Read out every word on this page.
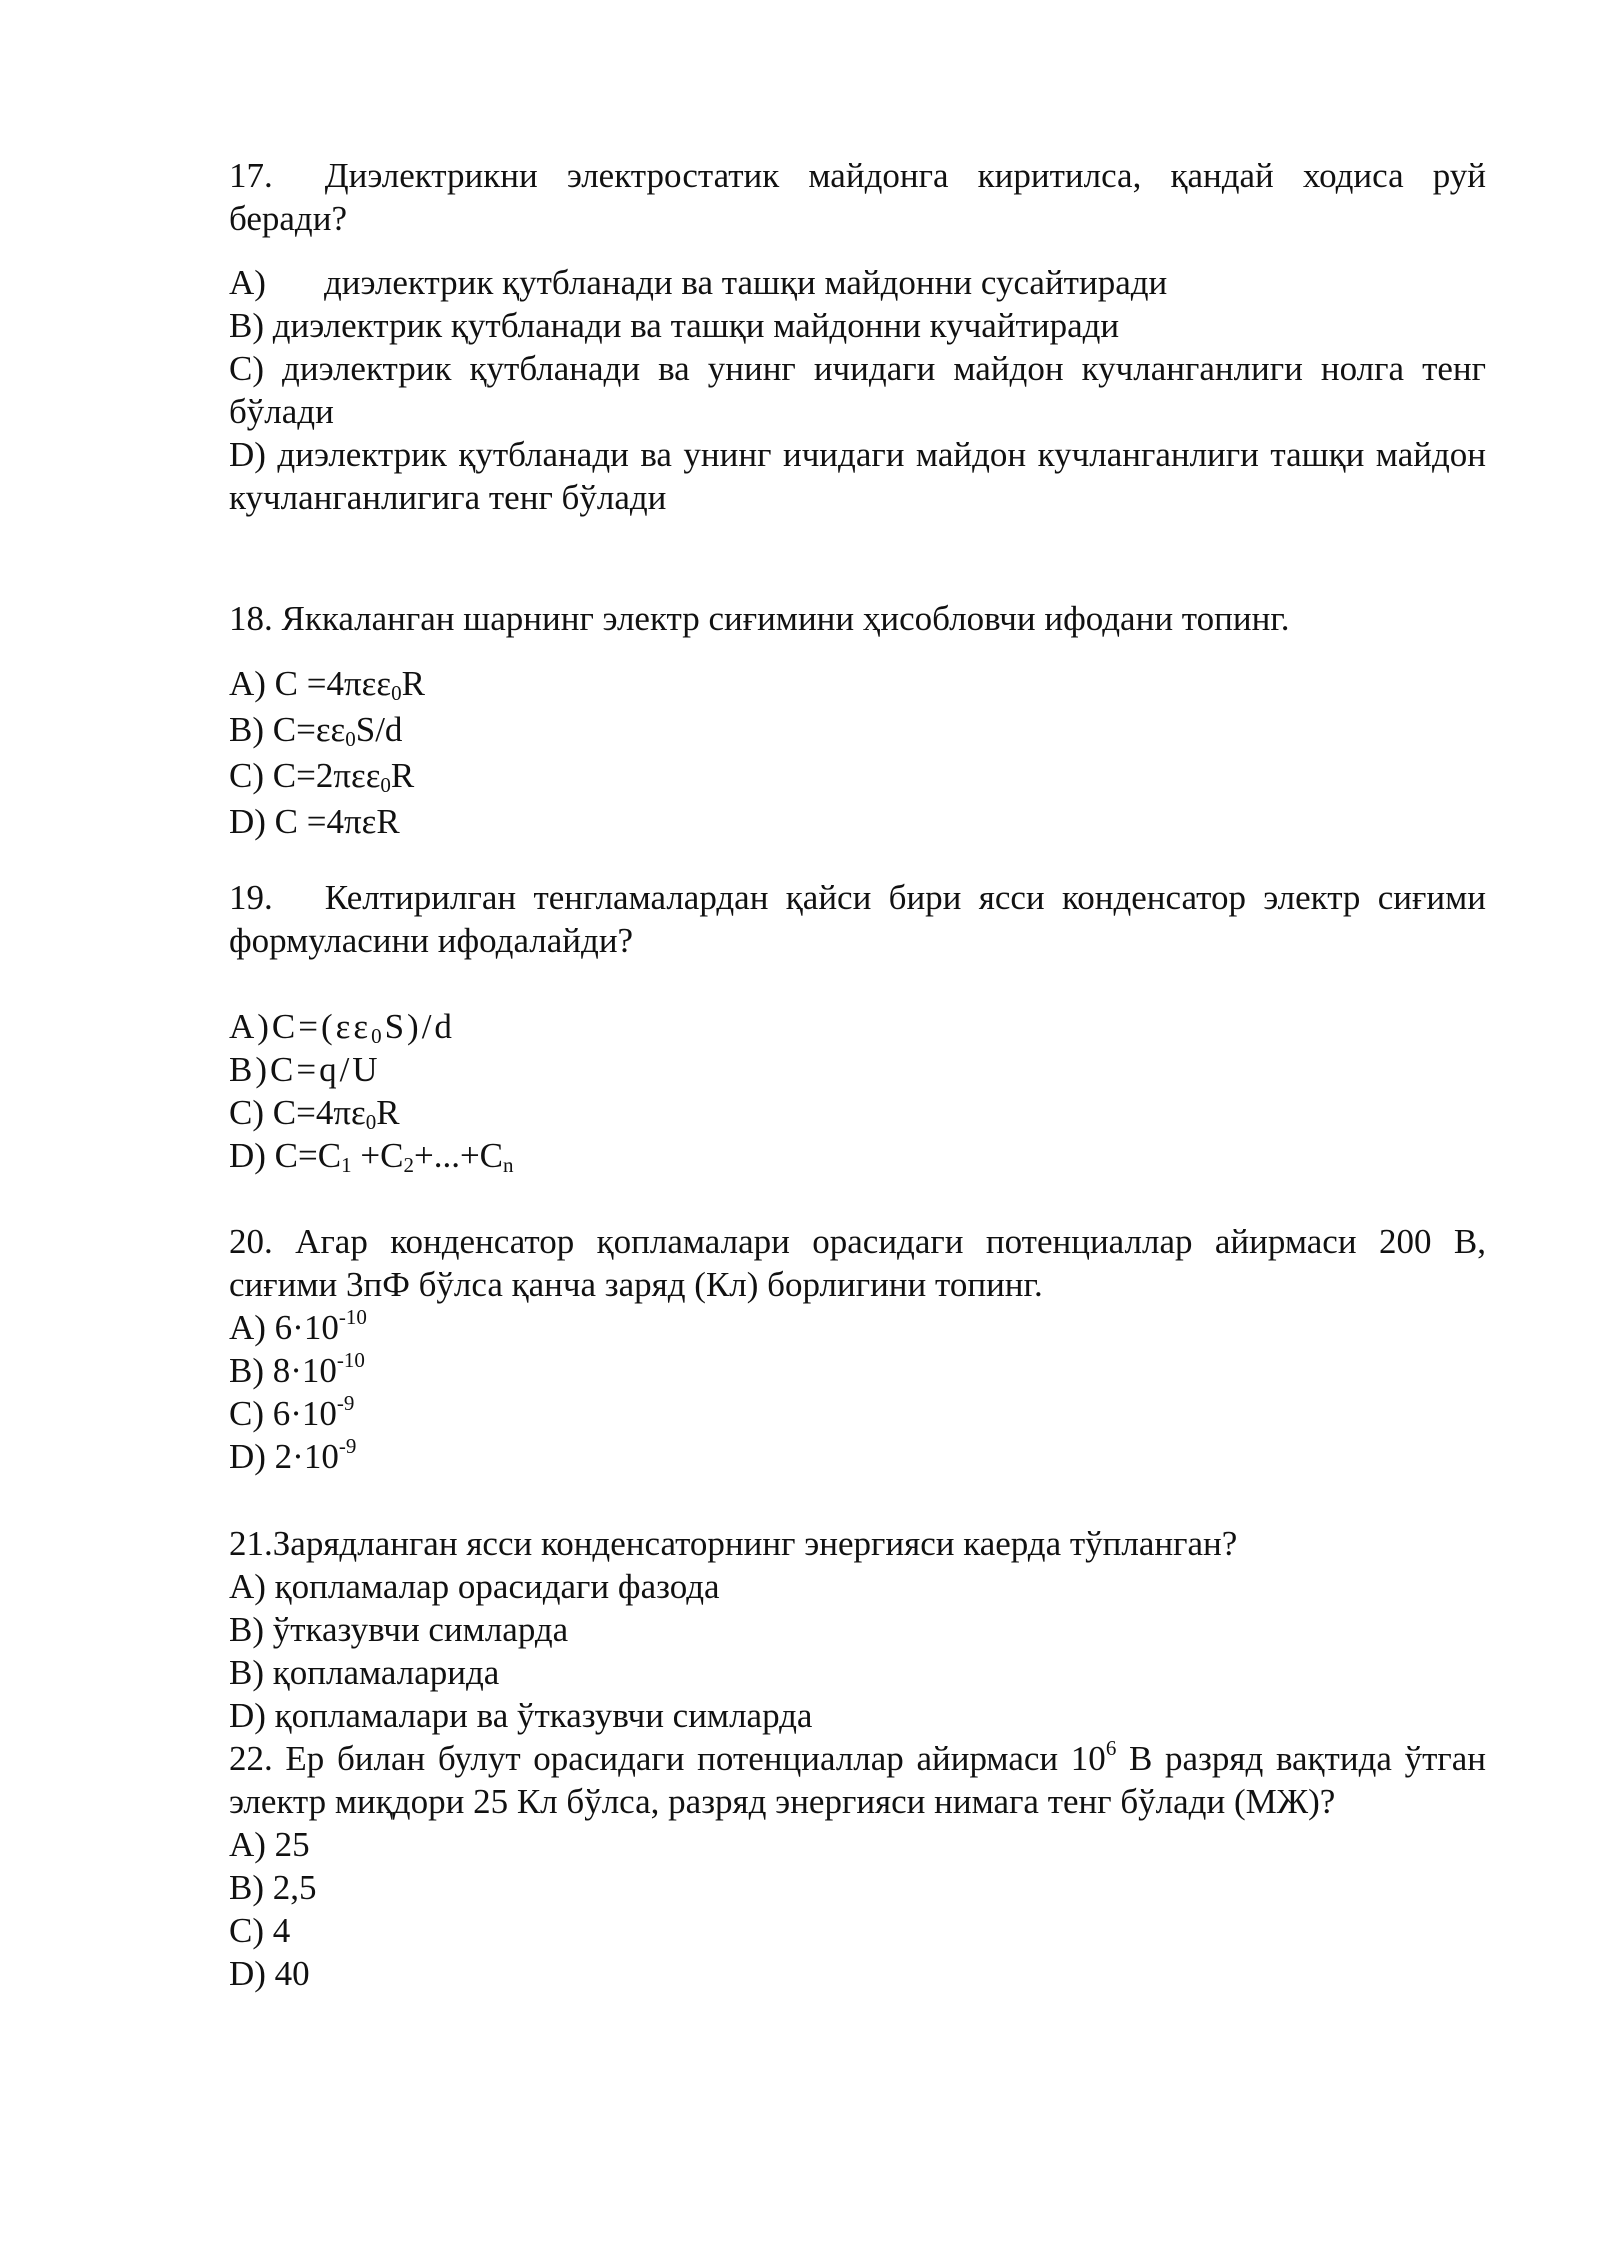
17. Диэлектрикни электростатик майдонга киритилса, қандай ходиса руй беради?

A) диэлектрик қутбланади ва ташқи майдонни сусайтиради

B) диэлектрик қутбланади ва ташқи майдонни кучайтиради

C) диэлектрик қутбланади ва унинг ичидаги майдон кучланганлиги нолга тенг бўлади

D) диэлектрик қутбланади ва унинг ичидаги майдон кучланганлиги ташқи майдон кучланганлигига тенг бўлади

18. Яккаланган шарнинг электр сиғимини ҳисобловчи ифодани топинг.

A) C =4πεε$_0$R

B) $C=\varepsilon\varepsilon_0S/d$

C) C=2πεε$_0$R

D) C =4πεR

19. Келтирилган тенгламалардан қайси бири ясси конденсатор электр сиғими формуласини ифодалайди?

$A)C=(\varepsilon\varepsilon_0S)/d$

B)C=q/U

C) $C=4\pi\varepsilon_0R$

D) $C=C_1 +C_2+...+C_n$

20. Агар конденсатор қопламалари орасидаги потенциаллар айирмаси 200 В, сиғими 3пФ бўлса қанча заряд (Кл) борлигини топинг.

A) $6\cdot 10^{-10}$

B) $8\cdot 10^{-10}$

C) $6\cdot 10^{-9}$

D) $2\cdot 10^{-9}$

21.Зарядланган ясси конденсаторнинг энергияси каерда тўпланган?

A) қопламалар орасидаги фазода

B) ўтказувчи симларда

B) қопламаларида

D) қопламалари ва ўтказувчи симларда

22. Ер билан булут орасидаги потенциаллар айирмаси $10^6$ В разряд вақтида ўтган электр миқдори 25 Кл бўлса, разряд энергияси нимага тенг бўлади (МЖ)?

A) 25

B) 2,5

C) 4

D) 40
